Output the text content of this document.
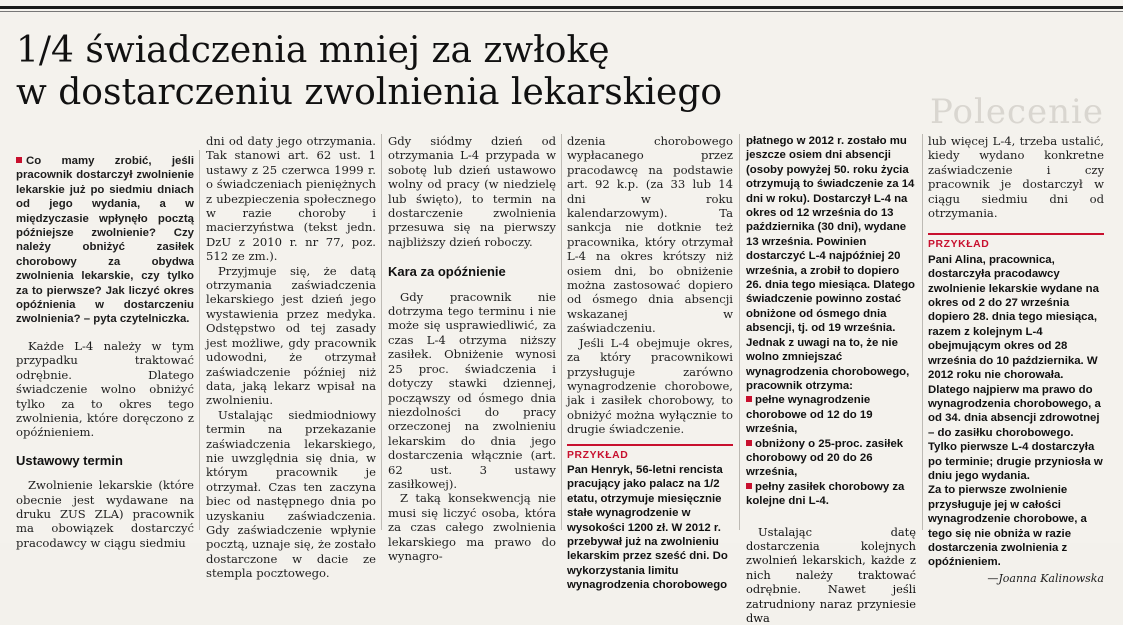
Polecenie
1/4 świadczenia mniej za zwłokę
w dostarczeniu zwolnienia lekarskiego

Co mamy zrobić, jeśli pracownik dostarczył zwolnienie lekarskie już po siedmiu dniach od jego wydania, a w międzyczasie wpłynęło pocztą późniejsze zwolnienie? Czy należy obniżyć zasiłek chorobowy za obydwa zwolnienia lekarskie, czy tylko za to pierwsze? Jak liczyć okres opóźnienia w dostarczeniu zwolnienia? – pyta czytelniczka.

Każde L-4 należy w tym przypadku traktować odrębnie. Dlatego świadczenie wolno obniżyć tylko za to okres tego zwolnienia, które doręczono z opóźnieniem.

Ustawowy termin

Zwolnienie lekarskie (które obecnie jest wydawane na druku ZUS ZLA) pracownik ma obowiązek dostarczyć pracodawcy w ciągu siedmiu

dni od daty jego otrzymania. Tak stanowi art. 62 ust. 1 ustawy z 25 czerwca 1999 r. o świadczeniach pieniężnych z ubezpieczenia społecznego w razie choroby i macierzyństwa (tekst jedn. DzU z 2010 r. nr 77, poz. 512 ze zm.).

Przyjmuje się, że datą otrzymania zaświadczenia lekarskiego jest dzień jego wystawienia przez medyka. Odstępstwo od tej zasady jest możliwe, gdy pracownik udowodni, że otrzymał zaświadczenie później niż data, jaką lekarz wpisał na zwolnieniu.

Ustalając siedmiodniowy termin na przekazanie zaświadczenia lekarskiego, nie uwzględnia się dnia, w którym pracownik je otrzymał. Czas ten zaczyna biec od następnego dnia po uzyskaniu zaświadczenia. Gdy zaświadczenie wpłynie pocztą, uznaje się, że zostało dostarczone w dacie ze stempla pocztowego.

Gdy siódmy dzień od otrzymania L-4 przypada w sobotę lub dzień ustawowo wolny od pracy (w niedzielę lub święto), to termin na dostarczenie zwolnienia przesuwa się na pierwszy najbliższy dzień roboczy.

Kara za opóźnienie

Gdy pracownik nie dotrzyma tego terminu i nie może się usprawiedliwić, za czas L-4 otrzyma niższy zasiłek. Obniżenie wynosi 25 proc. świadczenia i dotyczy stawki dziennej, począwszy od ósmego dnia niezdolności do pracy orzeczonej na zwolnieniu lekarskim do dnia jego dostarczenia włącznie (art. 62 ust. 3 ustawy zasiłkowej).

Z taką konsekwencją nie musi się liczyć osoba, która za czas całego zwolnienia lekarskiego ma prawo do wynagro-

dzenia chorobowego wypłacanego przez pracodawcę na podstawie art. 92 k.p. (za 33 lub 14 dni w roku kalendarzowym). Ta sankcja nie dotknie też pracownika, który otrzymał L-4 na okres krótszy niż osiem dni, bo obniżenie można zastosować dopiero od ósmego dnia absencji wskazanej w zaświadczeniu.

Jeśli L-4 obejmuje okres, za który pracownikowi przysługuje zarówno wynagrodzenie chorobowe, jak i zasiłek chorobowy, to obniżyć można wyłącznie to drugie świadczenie.

PRZYKŁAD

Pan Henryk, 56-letni rencista pracujący jako palacz na 1/2 etatu, otrzymuje miesięcznie stałe wynagrodzenie w wysokości 1200 zł. W 2012 r. przebywał już na zwolnieniu lekarskim przez sześć dni. Do wykorzystania limitu wynagrodzenia chorobowego

płatnego w 2012 r. zostało mu jeszcze osiem dni absencji (osoby powyżej 50. roku życia otrzymują to świadczenie za 14 dni w roku). Dostarczył L-4 na okres od 12 września do 13 października (30 dni), wydane 13 września. Powinien dostarczyć L-4 najpóźniej 20 września, a zrobił to dopiero 26. dnia tego miesiąca. Dlatego świadczenie powinno zostać obniżone od ósmego dnia absencji, tj. od 19 września. Jednak z uwagi na to, że nie wolno zmniejszać wynagrodzenia chorobowego, pracownik otrzyma:

pełne wynagrodzenie chorobowe od 12 do 19 września,

obniżony o 25-proc. zasiłek chorobowy od 20 do 26 września,

pełny zasiłek chorobowy za kolejne dni L-4.

Ustalając datę dostarczenia kolejnych zwolnień lekarskich, każde z nich należy traktować odrębnie. Nawet jeśli zatrudniony naraz przyniesie dwa

lub więcej L-4, trzeba ustalić, kiedy wydano konkretne zaświadczenie i czy pracownik je dostarczył w ciągu siedmiu dni od otrzymania.

PRZYKŁAD

Pani Alina, pracownica, dostarczyła pracodawcy zwolnienie lekarskie wydane na okres od 2 do 27 września dopiero 28. dnia tego miesiąca, razem z kolejnym L-4 obejmującym okres od 28 września do 10 października. W 2012 roku nie chorowała. Dlatego najpierw ma prawo do wynagrodzenia chorobowego, a od 34. dnia absencji zdrowotnej – do zasiłku chorobowego. Tylko pierwsze L-4 dostarczyła po terminie; drugie przyniosła w dniu jego wydania.

Za to pierwsze zwolnienie przysługuje jej w całości wynagrodzenie chorobowe, a tego się nie obniża w razie dostarczenia zwolnienia z opóźnieniem.

—Joanna Kalinowska
